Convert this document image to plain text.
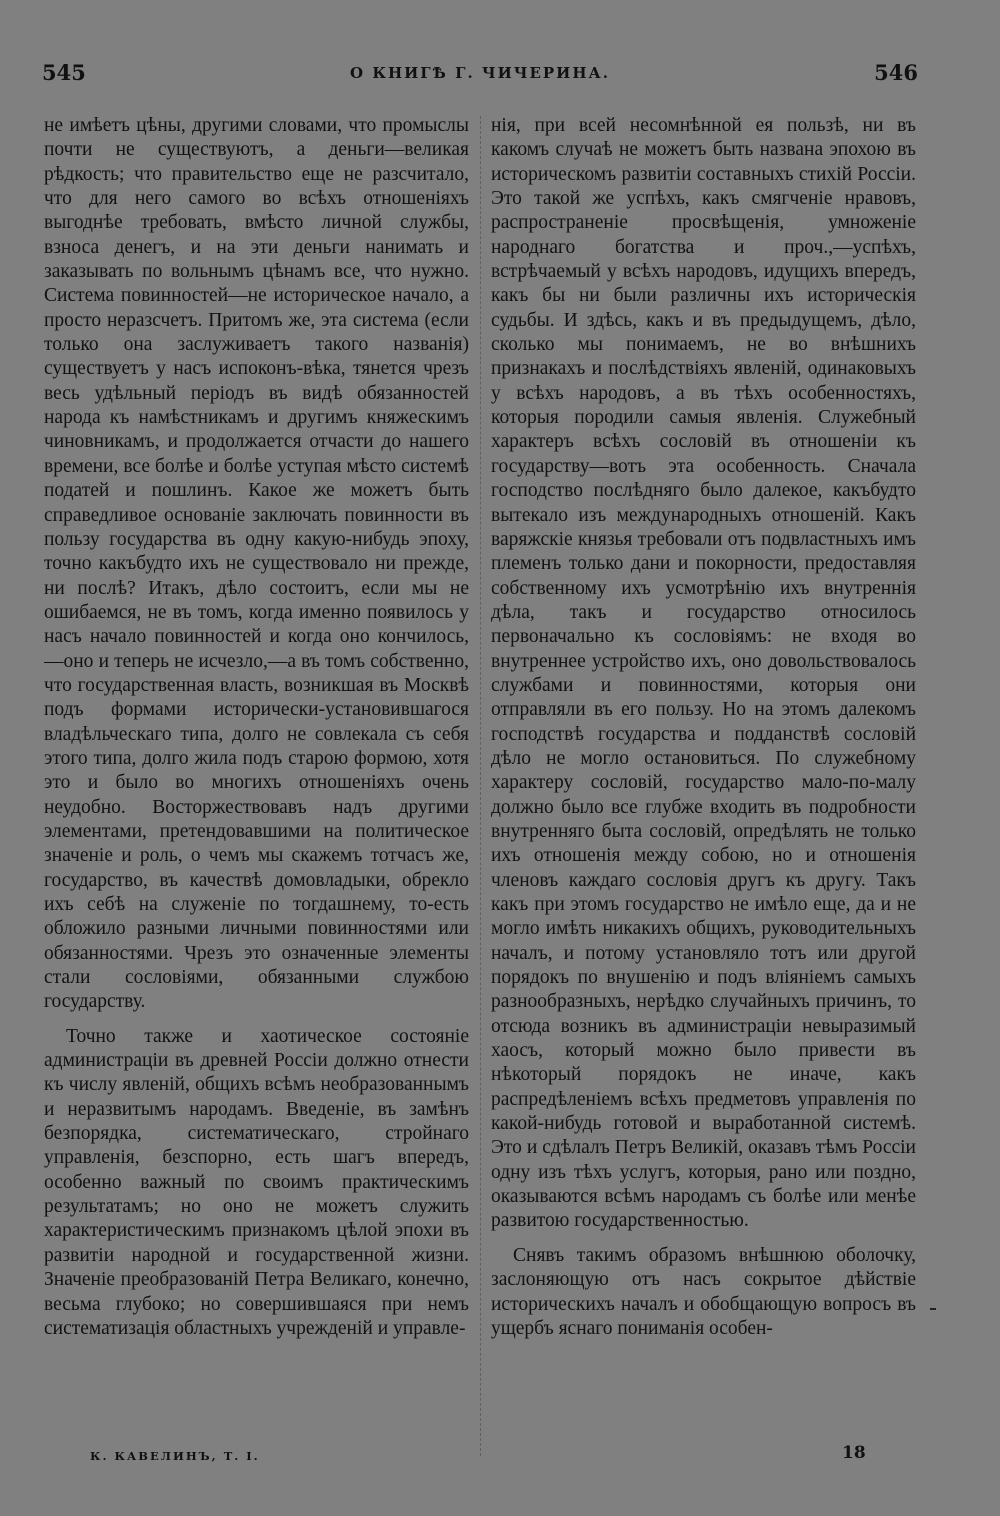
545	О КНИГѢ Г. ЧИЧЕРИНА.	546

не имѣетъ цѣны, другими словами, что промыслы почти не существуютъ, а деньги—великая рѣдкость; что правительство еще не разсчитало, что для него самого во всѣхъ отношеніяхъ выгоднѣе требовать, вмѣсто личной службы, взноса денегъ, и на эти деньги нанимать и заказывать по вольнымъ цѣнамъ все, что нужно. Система повинностей—не историческое начало, а просто неразсчетъ. Притомъ же, эта система (если только она заслуживаетъ такого названія) существуетъ у насъ испоконъ-вѣка, тянется чрезъ весь удѣльный періодъ въ видѣ обязанностей народа къ намѣстникамъ и другимъ княжескимъ чиновникамъ, и продолжается отчасти до нашего времени, все болѣе и болѣе уступая мѣсто системѣ податей и пошлинъ. Какое же можетъ быть справедливое основаніе заключать повинности въ пользу государства въ одну какую-нибудь эпоху, точно какъбудто ихъ не существовало ни прежде, ни послѣ? Итакъ, дѣло состоитъ, если мы не ошибаемся, не въ томъ, когда именно появилось у насъ начало повинностей и когда оно кончилось,—оно и теперь не исчезло,—а въ томъ собственно, что государственная власть, возникшая въ Москвѣ подъ формами исторически-установившагося владѣльческаго типа, долго не совлекала съ себя этого типа, долго жила подъ старою формою, хотя это и было во многихъ отношеніяхъ очень неудобно. Восторжествовавъ надъ другими элементами, претендовавшими на политическое значеніе и роль, о чемъ мы скажемъ тотчасъ же, государство, въ качествѣ домовладыки, обрекло ихъ себѣ на служеніе по тогдашнему, то-есть обложило разными личными повинностями или обязанностями. Чрезъ это означенные элементы стали сословіями, обязанными службою государству.

Точно также и хаотическое состояніе администраціи въ древней Россіи должно отнести къ числу явленій, общихъ всѣмъ необразованнымъ и неразвитымъ народамъ. Введеніе, въ замѣнъ безпорядка, систематическаго, стройнаго управленія, безспорно, есть шагъ впередъ, особенно важный по своимъ практическимъ результатамъ; но оно не можетъ служить характеристическимъ признакомъ цѣлой эпохи въ развитіи народной и государственной жизни. Значеніе преобразованій Петра Великаго, конечно, весьма глубоко; но совершившаяся при немъ систематизація областныхъ учрежденій и управле-

нія, при всей несомнѣнной ея пользѣ, ни въ какомъ случаѣ не можетъ быть названа эпохою въ историческомъ развитіи составныхъ стихій Россіи. Это такой же успѣхъ, какъ смягченіе нравовъ, распространеніе просвѣщенія, умноженіе народнаго богатства и проч.,—успѣхъ, встрѣчаемый у всѣхъ народовъ, идущихъ впередъ, какъ бы ни были различны ихъ историческія судьбы. И здѣсь, какъ и въ предыдущемъ, дѣло, сколько мы понимаемъ, не во внѣшнихъ признакахъ и послѣдствіяхъ явленій, одинаковыхъ у всѣхъ народовъ, а въ тѣхъ особенностяхъ, которыя породили самыя явленія. Служебный характеръ всѣхъ сословій въ отношеніи къ государству—вотъ эта особенность. Сначала господство послѣдняго было далекое, какъбудто вытекало изъ международныхъ отношеній. Какъ варяжскіе князья требовали отъ подвластныхъ имъ племенъ только дани и покорности, предоставляя собственному ихъ усмотрѣнію ихъ внутреннія дѣла, такъ и государство относилось первоначально къ сословіямъ: не входя во внутреннее устройство ихъ, оно довольствовалось службами и повинностями, которыя они отправляли въ его пользу. Но на этомъ далекомъ господствѣ государства и подданствѣ сословій дѣло не могло остановиться. По служебному характеру сословій, государство мало-по-малу должно было все глубже входить въ подробности внутренняго быта сословій, опредѣлять не только ихъ отношенія между собою, но и отношенія членовъ каждаго сословія другъ къ другу. Такъ какъ при этомъ государство не имѣло еще, да и не могло имѣть никакихъ общихъ, руководительныхъ началъ, и потому установляло тотъ или другой порядокъ по внушенію и подъ вліяніемъ самыхъ разнообразныхъ, нерѣдко случайныхъ причинъ, то отсюда возникъ въ администраціи невыразимый хаосъ, который можно было привести въ нѣкоторый порядокъ не иначе, какъ распредѣленіемъ всѣхъ предметовъ управленія по какой-нибудь готовой и выработанной системѣ. Это и сдѣлалъ Петръ Великій, оказавъ тѣмъ Россіи одну изъ тѣхъ услугъ, которыя, рано или поздно, оказываются всѣмъ народамъ съ болѣе или менѣе развитою государственностью.

Снявъ такимъ образомъ внѣшнюю оболочку, заслоняющую отъ насъ сокрытое дѣйствіе историческихъ началъ и обобщающую вопросъ въ ущербъ яснаго пониманія особен-

К. КАВЕЛИНЪ, Т. I.	18
